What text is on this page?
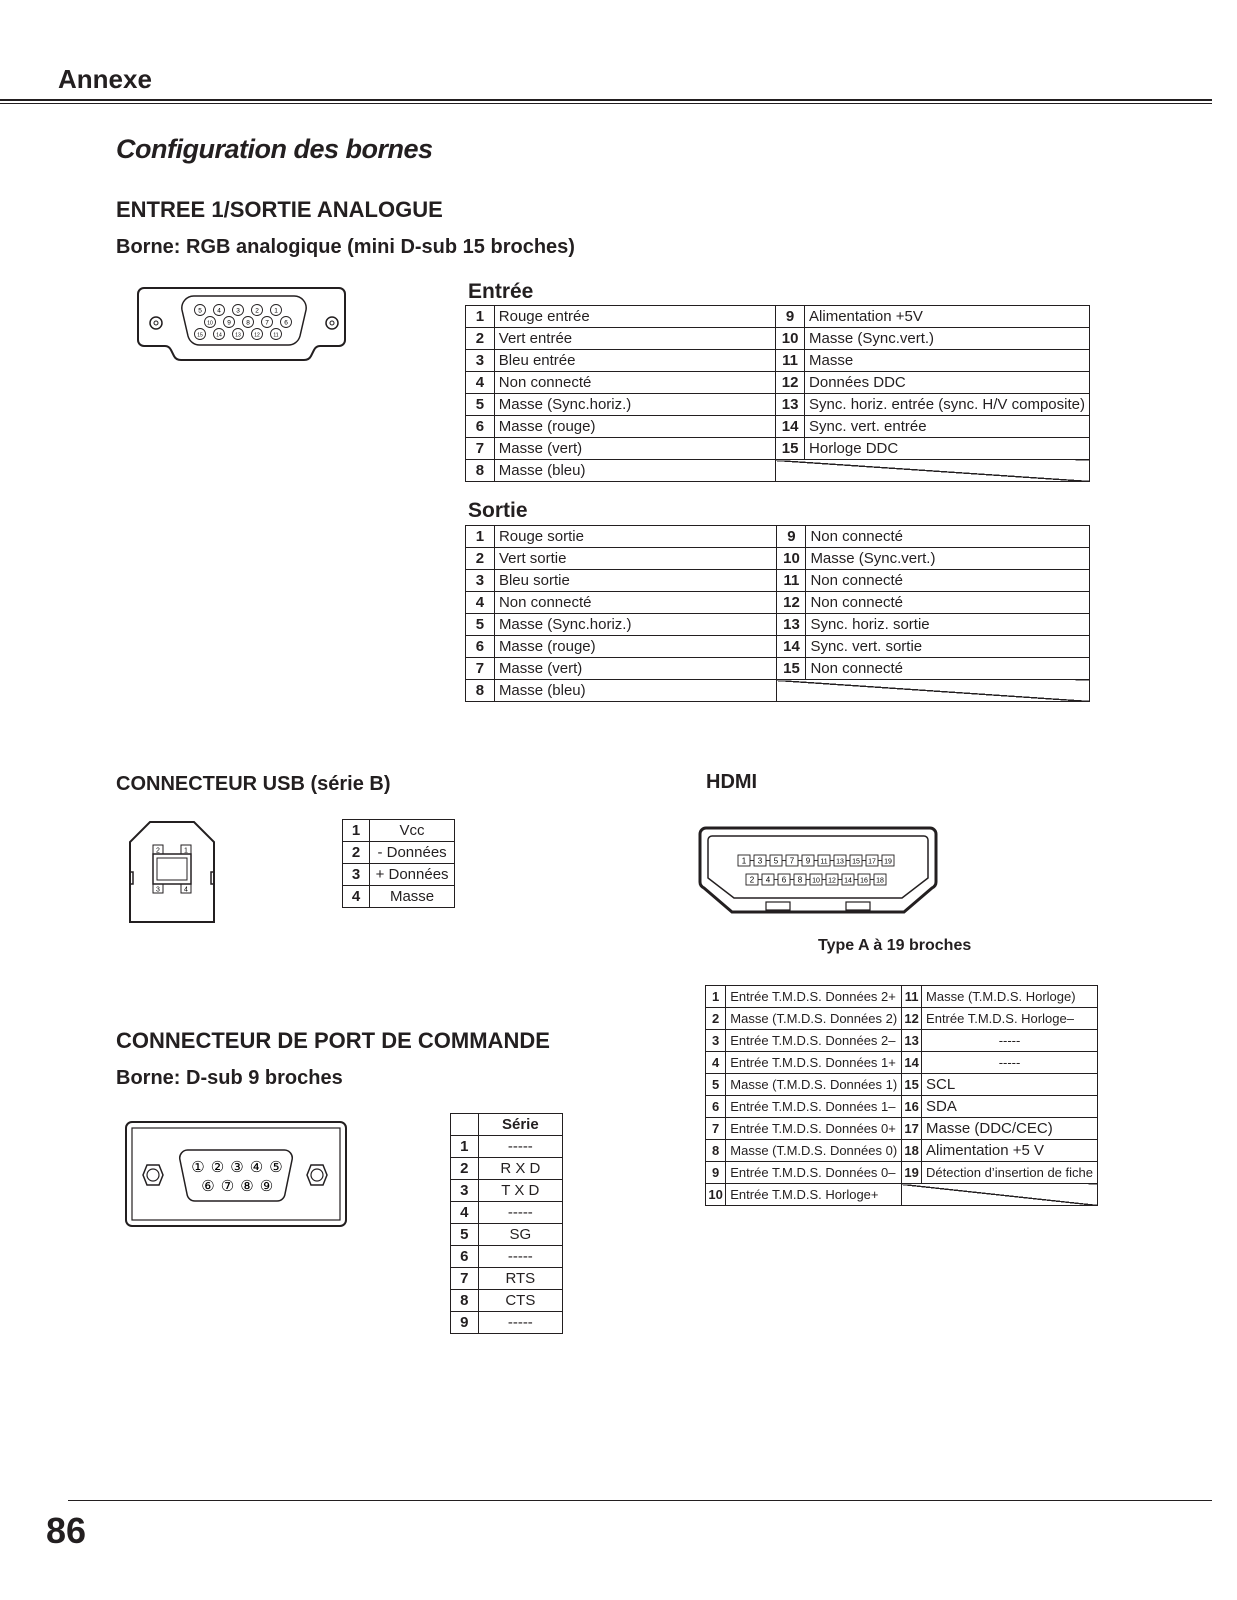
Annexe
Configuration des bornes
ENTREE 1/SORTIE ANALOGUE
Borne: RGB analogique (mini D-sub 15 broches)
5 4 3 2 1
10 9 8 7 6
15	14	13	12	11
Entrée
1	Rouge entrée	9	Alimentation +5V
2	Vert entrée	10	Masse (Sync.vert.)
3	Bleu entrée	11	Masse
4	Non connecté	12	Données DDC
5	Masse (Sync.horiz.)	13	Sync. horiz. entrée (sync. H/V composite)
6	Masse (rouge)	14	Sync. vert. entrée
7	Masse (vert)	15	Horloge DDC
8	Masse (bleu)		
Sortie
1	Rouge sortie	9	Non connecté
2	Vert sortie	10	Masse (Sync.vert.)
3	Bleu sortie	11	Non connecté
4	Non connecté	12	Non connecté
5	Masse (Sync.horiz.)	13	Sync. horiz. sortie
6	Masse (rouge)	14	Sync. vert. sortie
7	Masse (vert)	15	Non connecté
8	Masse (bleu)		
CONNECTEUR USB (série B)
2	1
3	4
1	Vcc
2	- Données
3	+ Données
4	Masse
HDMI
1 3 5 7 9 11 13 15 17 19
2 4 6 8 10 12 14 16 18
Type A à 19 broches
1	Entrée T.M.D.S. Données 2+	11	Masse (T.M.D.S. Horloge)
2	Masse (T.M.D.S. Données 2)	12	Entrée T.M.D.S. Horloge–
3	Entrée T.M.D.S. Données 2–	13	-----
4	Entrée T.M.D.S. Données 1+	14	-----
5	Masse (T.M.D.S. Données 1)	15	SCL
6	Entrée T.M.D.S. Données 1–	16	SDA
7	Entrée T.M.D.S. Données 0+	17	Masse (DDC/CEC)
8	Masse (T.M.D.S. Données 0)	18	Alimentation +5 V
9	Entrée T.M.D.S. Données 0–	19	Détection d’insertion de fiche
10	Entrée T.M.D.S. Horloge+		
CONNECTEUR DE PORT DE COMMANDE
Borne: D-sub 9 broches
① ② ③ ④ ⑤
⑥ ⑦ ⑧ ⑨
	Série
1	-----
2	R X D
3	T X D
4	-----
5	SG
6	-----
7	RTS
8	CTS
9	-----
86
